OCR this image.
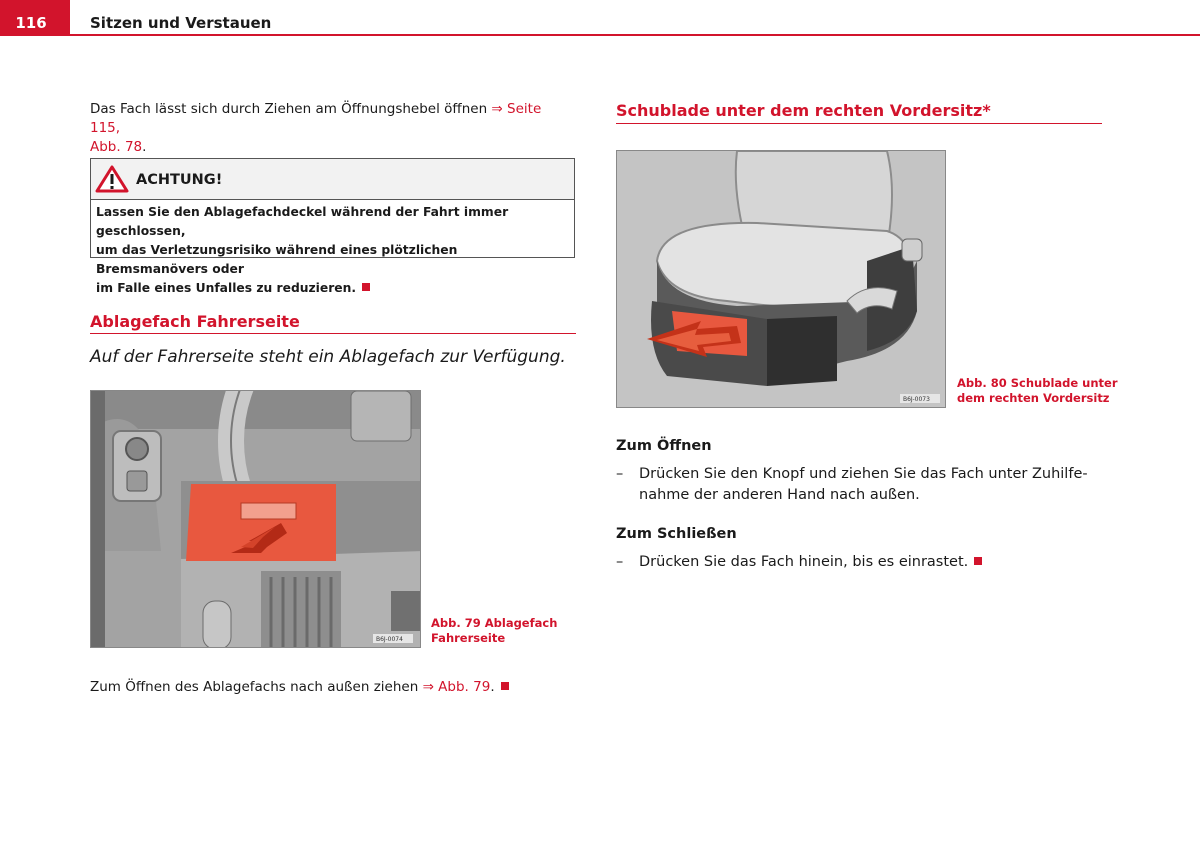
116	Sitzen und Verstauen
Das Fach lässt sich durch Ziehen am Öffnungshebel öffnen ⇒ Seite 115,
Abb. 78.
ACHTUNG!
Lassen Sie den Ablagefachdeckel während der Fahrt immer geschlossen,
um das Verletzungsrisiko während eines plötzlichen Bremsmanövers oder
im Falle eines Unfalles zu reduzieren.
Ablagefach Fahrerseite
Auf der Fahrerseite steht ein Ablagefach zur Verfügung.
B6J-0074
Abb. 79 Ablagefach
Fahrerseite
Zum Öffnen des Ablagefachs nach außen ziehen ⇒ Abb. 79.
Schublade unter dem rechten Vordersitz*
B6J-0073
Abb. 80 Schublade unter
dem rechten Vordersitz
Zum Öffnen
–	Drücken Sie den Knopf und ziehen Sie das Fach unter Zuhilfe-
nahme der anderen Hand nach außen.
Zum Schließen
–	Drücken Sie das Fach hinein, bis es einrastet.
